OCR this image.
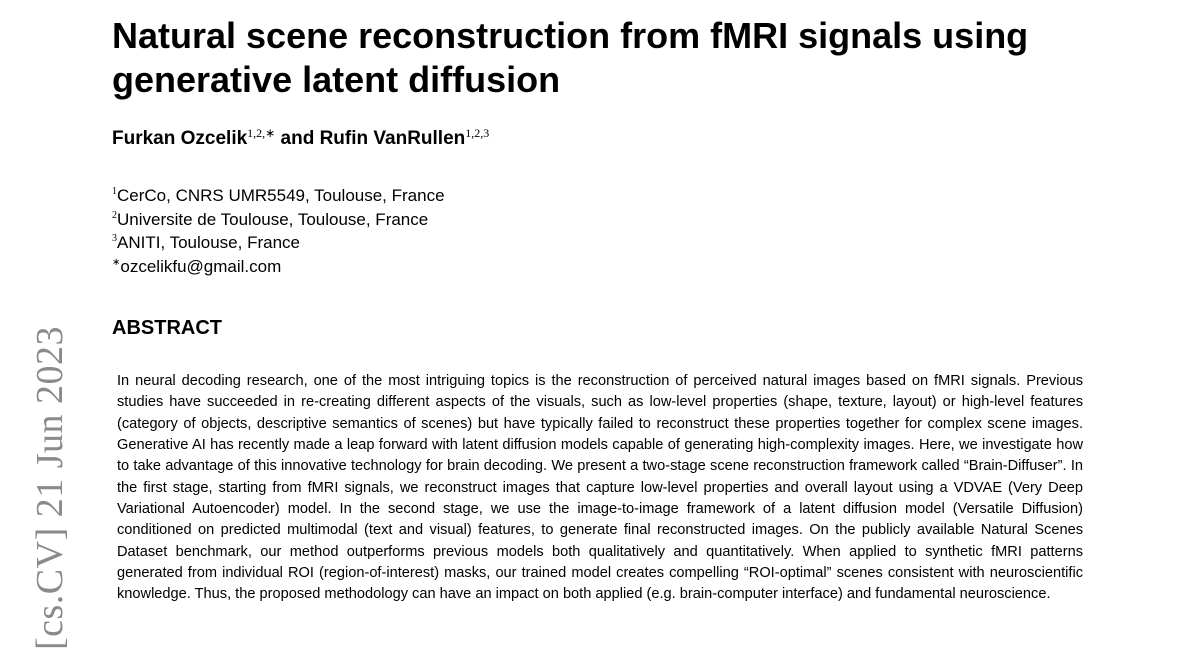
[cs.CV] 21 Jun 2023
Natural scene reconstruction from fMRI signals using generative latent diffusion
Furkan Ozcelik$^{1,2,∗}$ and Rufin VanRullen$^{1,2,3}$
$^1$CerCo, CNRS UMR5549, Toulouse, France
$^2$Universite de Toulouse, Toulouse, France
$^3$ANITI, Toulouse, France
∗ozcelikfu@gmail.com
ABSTRACT

In neural decoding research, one of the most intriguing topics is the reconstruction of perceived natural images based on fMRI signals. Previous studies have succeeded in re-creating different aspects of the visuals, such as low-level properties (shape, texture, layout) or high-level features (category of objects, descriptive semantics of scenes) but have typically failed to reconstruct these properties together for complex scene images. Generative AI has recently made a leap forward with latent diffusion models capable of generating high-complexity images. Here, we investigate how to take advantage of this innovative technology for brain decoding. We present a two-stage scene reconstruction framework called “Brain-Diffuser”. In the first stage, starting from fMRI signals, we reconstruct images that capture low-level properties and overall layout using a VDVAE (Very Deep Variational Autoencoder) model. In the second stage, we use the image-to-image framework of a latent diffusion model (Versatile Diffusion) conditioned on predicted multimodal (text and visual) features, to generate final reconstructed images. On the publicly available Natural Scenes Dataset benchmark, our method outperforms previous models both qualitatively and quantitatively. When applied to synthetic fMRI patterns generated from individual ROI (region-of-interest) masks, our trained model creates compelling “ROI-optimal” scenes consistent with neuroscientific knowledge. Thus, the proposed methodology can have an impact on both applied (e.g. brain-computer interface) and fundamental neuroscience.
